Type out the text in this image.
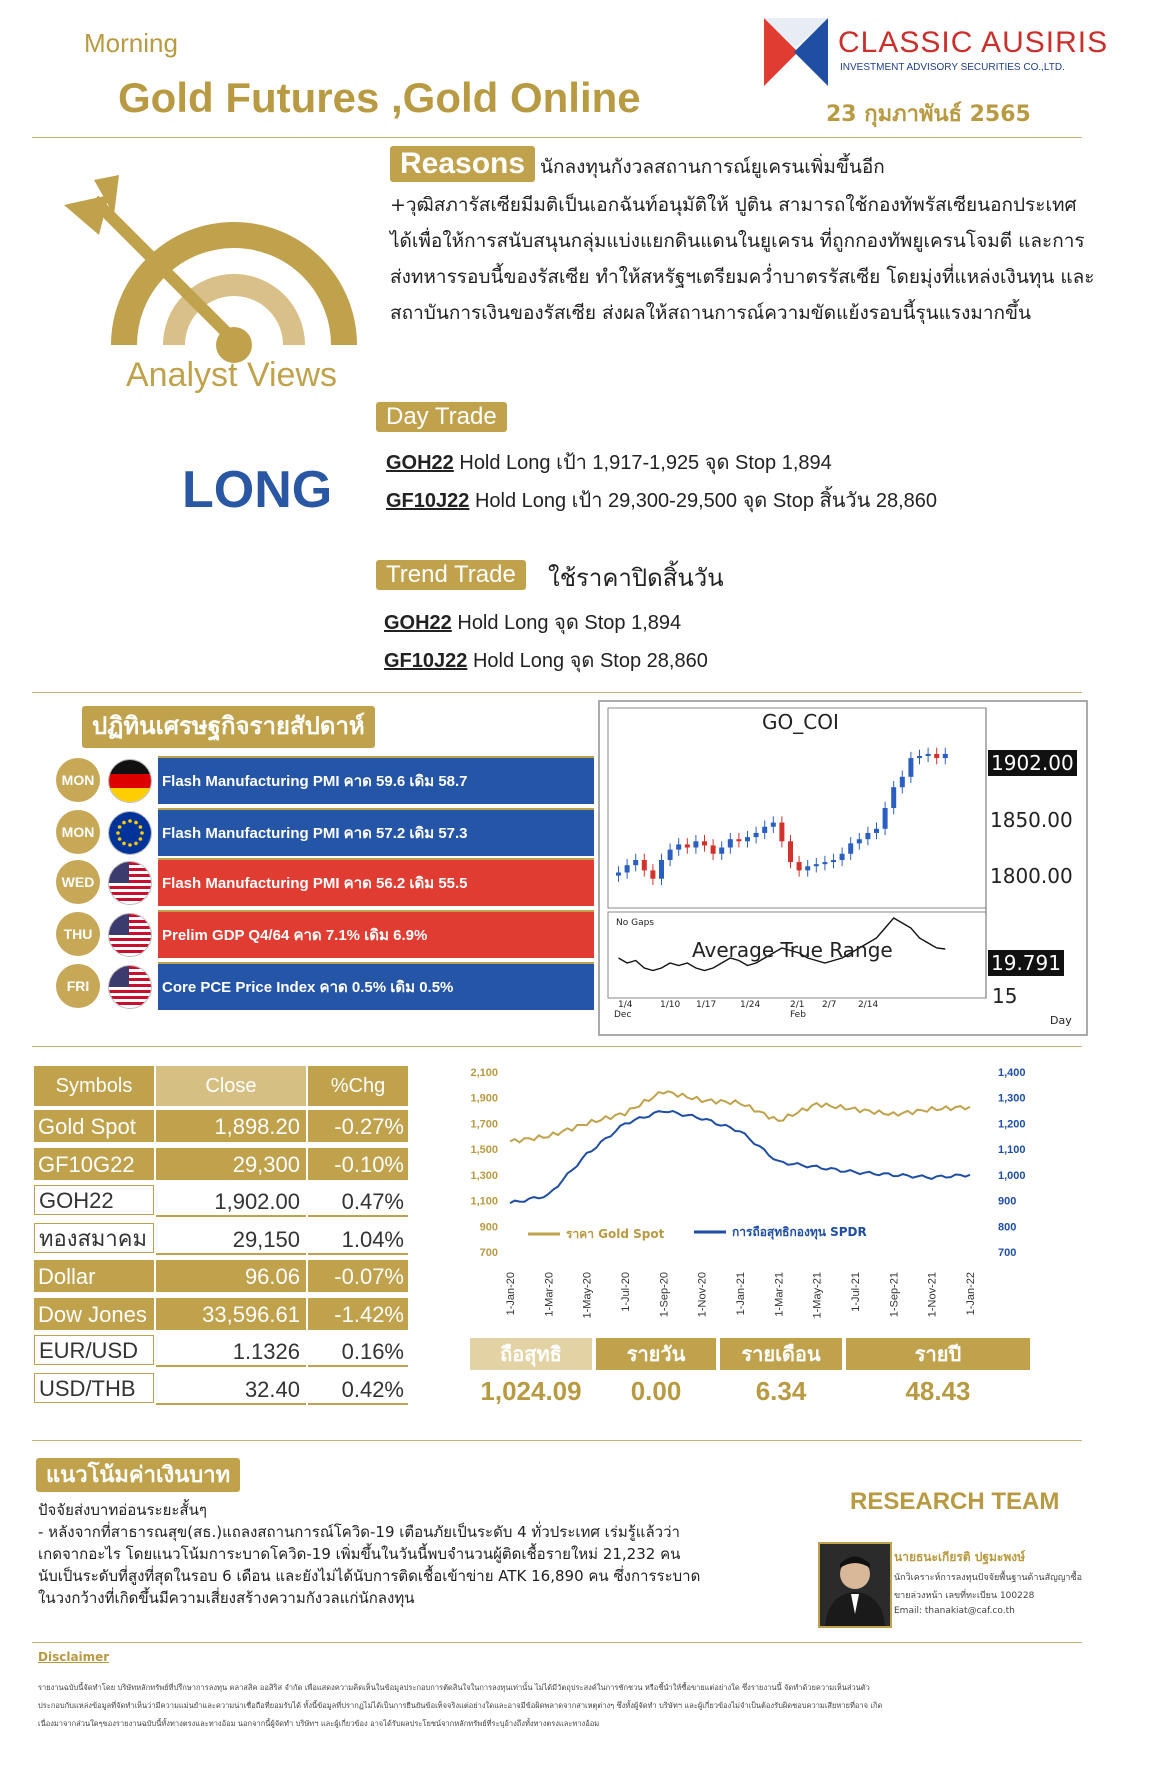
Morning
Gold Futures ,Gold Online
CLASSIC AUSIRIS
INVESTMENT ADVISORY SECURITIES CO.,LTD.
23 กุมภาพันธ์ 2565
Analyst Views
LONG
Reasons นักลงทุนกังวลสถานการณ์ยูเครนเพิ่มขึ้นอีก
+วุฒิสภารัสเซียมีมติเป็นเอกฉันท์อนุมัติให้ ปูติน สามารถใช้กองทัพรัสเซียนอกประเทศ
ได้เพื่อให้การสนับสนุนกลุ่มแบ่งแยกดินแดนในยูเครน ที่ถูกกองทัพยูเครนโจมตี และการ
ส่งทหารรอบนี้ของรัสเซีย ทำให้สหรัฐฯเตรียมคว่ำบาตรรัสเซีย โดยมุ่งที่แหล่งเงินทุน และ
สถาบันการเงินของรัสเซีย ส่งผลให้สถานการณ์ความขัดแย้งรอบนี้รุนแรงมากขึ้น
Day Trade
GOH22 Hold Long เป้า 1,917-1,925 จุด Stop 1,894
GF10J22 Hold Long เป้า 29,300-29,500 จุด Stop สิ้นวัน 28,860
Trend Trade	ใช้ราคาปิดสิ้นวัน
GOH22 Hold Long จุด Stop 1,894
GF10J22 Hold Long จุด Stop 28,860
ปฏิทินเศรษฐกิจรายสัปดาห์
MON	Flash Manufacturing PMI คาด 59.6 เดิม 58.7
MON	Flash Manufacturing PMI คาด 57.2 เดิม 57.3
WED	Flash Manufacturing PMI คาด 56.2 เดิม 55.5
THU	Prelim GDP Q4/64 คาด 7.1% เดิม 6.9%
FRI	Core PCE Price Index คาด 0.5% เดิม 0.5%
GO_COI
1902.00
1850.00
1800.00
No Gaps
Average True Range
19.791
15
1/4	1/10 1/17	1/24	2/1 2/7 2/14
Dec	Feb	Day
Symbols	Close	%Chg
Gold Spot	1,898.20	-0.27%
GF10G22	29,300	-0.10%
GOH22	1,902.00	0.47%
ทองสมาคม	29,150	1.04%
Dollar	96.06	-0.07%
Dow Jones	33,596.61	-1.42%
EUR/USD	1.1326	0.16%
USD/THB	32.40	0.42%
2,100
1,900
1,700
1,500
1,300
1,100
900
700
1,400
1,300
1,200
1,100
1,000
900
800
700
1-Jan-20 1-Mar-20 1-May-20 1-Jul-20 1-Sep-20 1-Nov-20 1-Jan-21 1-Mar-21 1-May-21 1-Jul-21 1-Sep-21 1-Nov-21 1-Jan-22
ราคา Gold Spot	การถือสุทธิกองทุน SPDR
ถือสุทธิ
1,024.09
รายวัน
0.00
รายเดือน
6.34
รายปี
48.43
แนวโน้มค่าเงินบาท
ปัจจัยส่งบาทอ่อนระยะสั้นๆ
- หลังจากที่สาธารณสุข(สธ.)แถลงสถานการณ์โควิด-19 เตือนภัยเป็นระดับ 4 ทั่วประเทศ เร่มรู้แล้วว่า
เกดจากอะไร โดยแนวโน้มการะบาดโควิด-19 เพิ่มขึ้นในวันนี้พบจำนวนผู้ติดเชื้อรายใหม่ 21,232 คน
นับเป็นระดับที่สูงที่สุดในรอบ 6 เดือน และยังไม่ได้นับการติดเชื้อเข้าข่าย ATK 16,890 คน ซึ่งการระบาด
ในวงกว้างที่เกิดขึ้นมีความเสี่ยงสร้างความกังวลแก่นักลงทุน
RESEARCH TEAM
นายธนะเกียรติ ปฐมะพงษ์
นักวิเคราะห์การลงทุนปัจจัยพื้นฐานด้านสัญญาซื้อ
ขายล่วงหน้า เลขที่ทะเบียน 100228
Email: thanakiat@caf.co.th
Disclaimer
รายงานฉบับนี้จัดทำโดย บริษัทหลักทรัพย์ที่ปรึกษาการลงทุน คลาสสิค ออสิริส จำกัด เพื่อแสดงความคิดเห็นในข้อมูลประกอบการตัดสินใจในการลงทุนเท่านั้น ไม่ได้มีวัตถุประสงค์ในการชักชวน หรือชี้นำให้ซื้อขายแต่อย่างใด ซึ่งรายงานนี้ จัดทำด้วยความเห็นส่วนตัว
ประกอบกับแหล่งข้อมูลที่จัดทำเห็นว่ามีความแม่นยำและความน่าเชื่อถือที่ยอมรับได้ ทั้งนี้ข้อมูลที่ปรากฏไม่ได้เป็นการยืนยันข้อเท็จจริงแต่อย่างใดและอาจมีข้อผิดพลาดจากสาเหตุต่างๆ ซึ่งทั้งผู้จัดทำ บริษัทฯ และผู้เกี่ยวข้องไม่จำเป็นต้องรับผิดชอบความเสียหายที่อาจ เกิด
เนื่องมาจากส่วนใดๆของรายงานฉบับนี้ทั้งทางตรงและทางอ้อม นอกจากนี้ผู้จัดทำ บริษัทฯ และผู้เกี่ยวข้อง อาจได้รับผลประโยชน์จากหลักทรัพย์ที่ระบุอ้างถึงทั้งทางตรงและทางอ้อม
